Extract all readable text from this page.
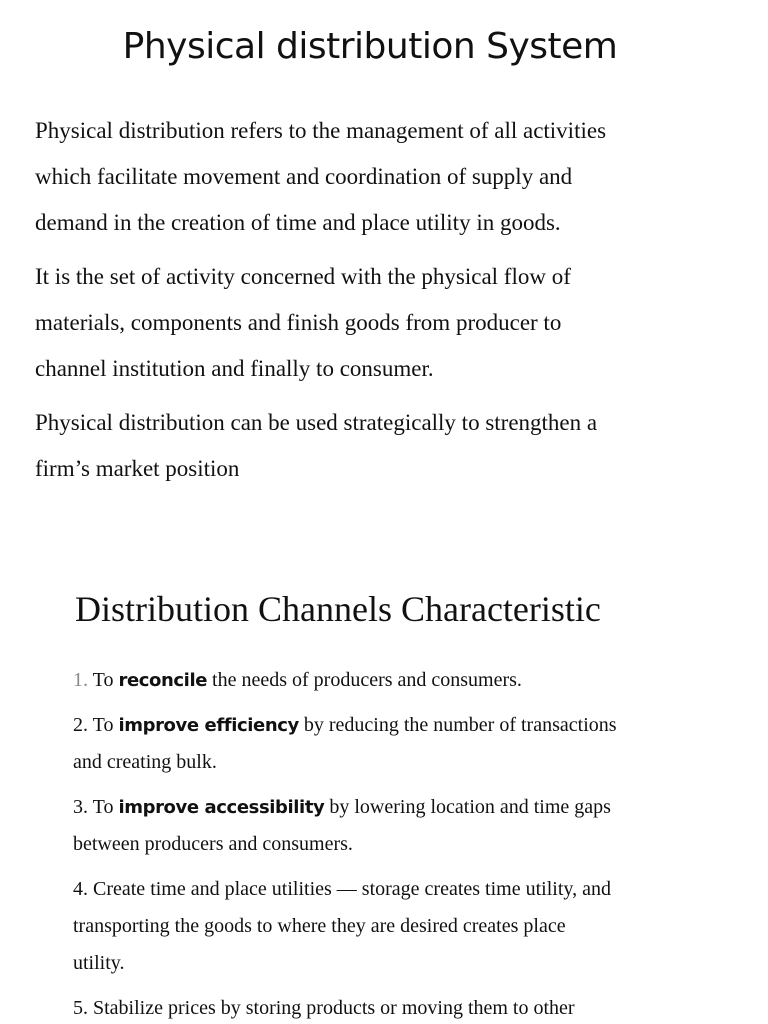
Physical distribution System

Physical distribution refers to the management of all activities
which facilitate movement and coordination of supply and
demand in the creation of time and place utility in goods.

It is the set of activity concerned with the physical flow of
materials, components and finish goods from producer to
channel institution and finally to consumer.

Physical distribution can be used strategically to strengthen a
firm’s market position

Distribution Channels Characteristic
1. To reconcile the needs of producers and consumers.
2. To improve efficiency by reducing the number of transactions
and creating bulk.
3. To improve accessibility by lowering location and time gaps
between producers and consumers.
4. Create time and place utilities — storage creates time utility, and
transporting the goods to where they are desired creates place
utility.
5. Stabilize prices by storing products or moving them to other
